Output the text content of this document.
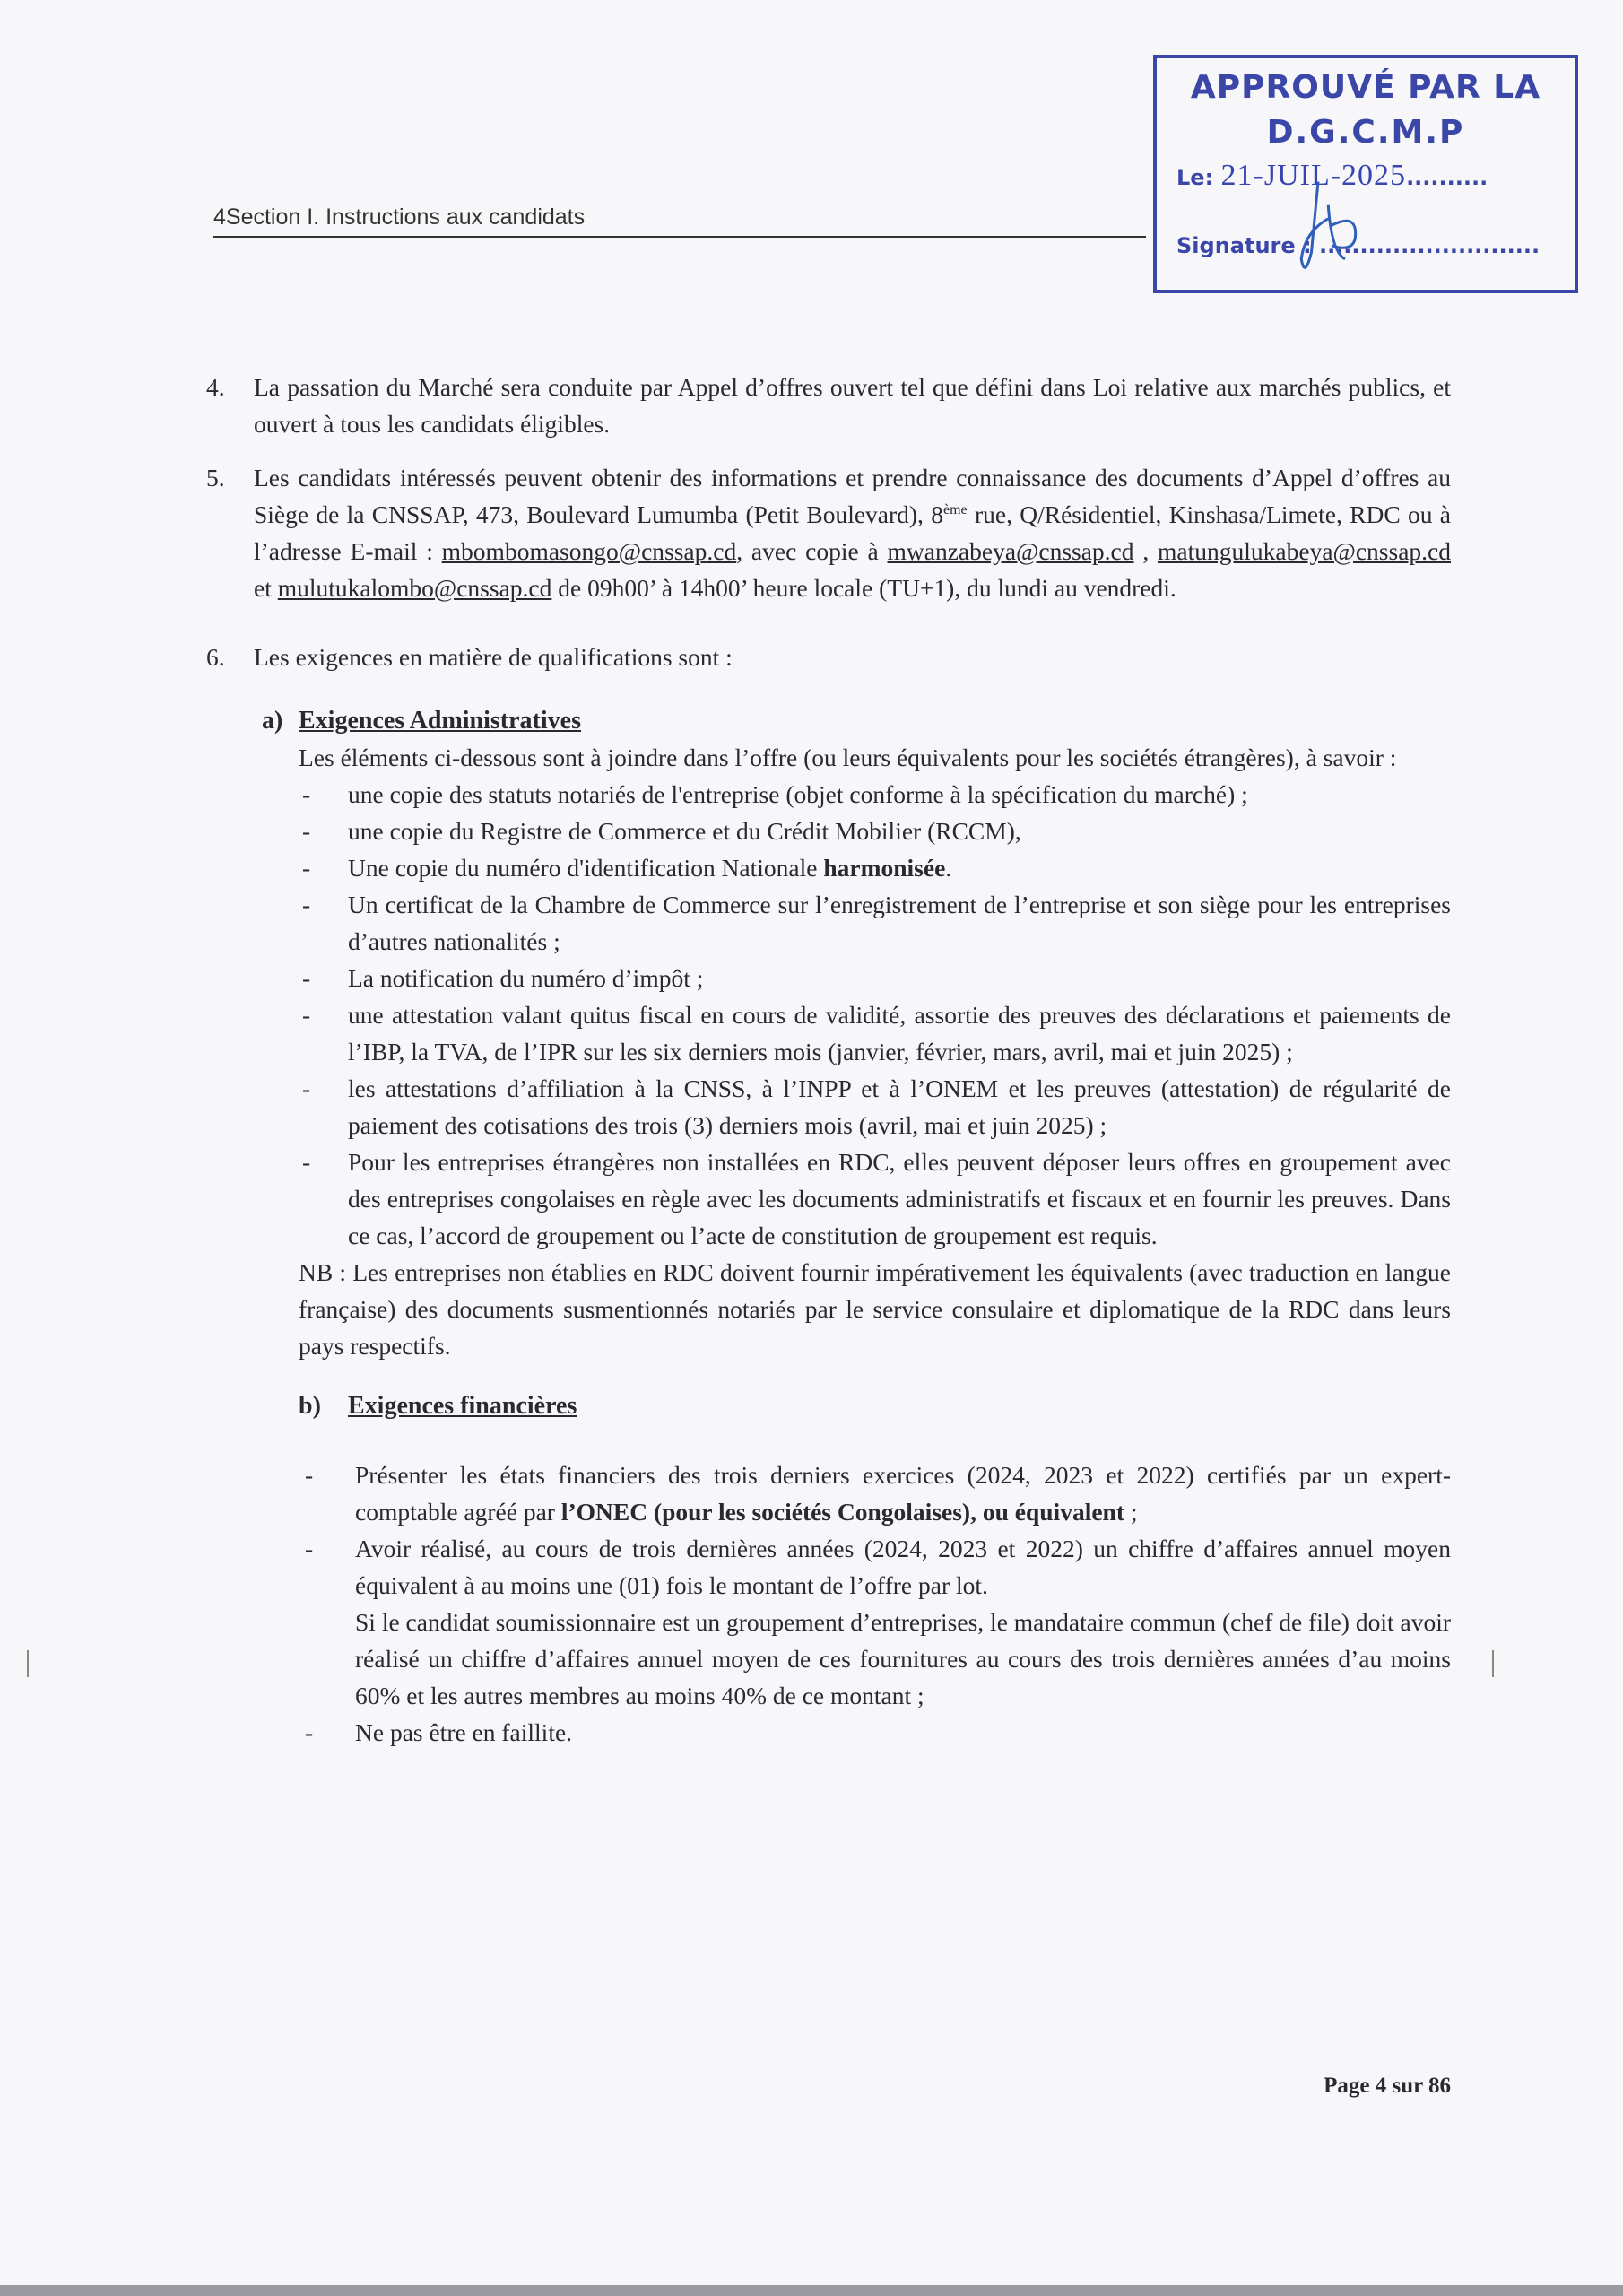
4Section I. Instructions aux candidats
APPROUVÉ PAR LA
D.G.C.M.P
Le: 21-JUIL-2025..........
Signature : ...........................
4. La passation du Marché sera conduite par Appel d’offres ouvert tel que défini dans Loi relative aux marchés publics, et ouvert à tous les candidats éligibles.

5. Les candidats intéressés peuvent obtenir des informations et prendre connaissance des documents d’Appel d’offres au Siège de la CNSSAP, 473, Boulevard Lumumba (Petit Boulevard), 8ème rue, Q/Résidentiel, Kinshasa/Limete, RDC ou à l’adresse E-mail : mbombomasongo@cnssap.cd, avec copie à mwanzabeya@cnssap.cd , matungulukabeya@cnssap.cd et mulutukalombo@cnssap.cd de 09h00’ à 14h00’ heure locale (TU+1), du lundi au vendredi.

6. Les exigences en matière de qualifications sont :

a) Exigences Administratives

Les éléments ci-dessous sont à joindre dans l’offre (ou leurs équivalents pour les sociétés étrangères), à savoir :

- une copie des statuts notariés de l'entreprise (objet conforme à la spécification du marché) ;

- une copie du Registre de Commerce et du Crédit Mobilier (RCCM),

- Une copie du numéro d'identification Nationale harmonisée.

- Un certificat de la Chambre de Commerce sur l’enregistrement de l’entreprise et son siège pour les entreprises d’autres nationalités ;

- La notification du numéro d’impôt ;

- une attestation valant quitus fiscal en cours de validité, assortie des preuves des déclarations et paiements de l’IBP, la TVA, de l’IPR sur les six derniers mois (janvier, février, mars, avril, mai et juin 2025) ;

- les attestations d’affiliation à la CNSS, à l’INPP et à l’ONEM et les preuves (attestation) de régularité de paiement des cotisations des trois (3) derniers mois (avril, mai et juin 2025) ;

- Pour les entreprises étrangères non installées en RDC, elles peuvent déposer leurs offres en groupement avec des entreprises congolaises en règle avec les documents administratifs et fiscaux et en fournir les preuves. Dans ce cas, l’accord de groupement ou l’acte de constitution de groupement est requis.

NB : Les entreprises non établies en RDC doivent fournir impérativement les équivalents (avec traduction en langue française) des documents susmentionnés notariés par le service consulaire et diplomatique de la RDC dans leurs pays respectifs.

b) Exigences financières
- Présenter les états financiers des trois derniers exercices (2024, 2023 et 2022) certifiés par un expert-comptable agréé par l’ONEC (pour les sociétés Congolaises), ou équivalent ;

- Avoir réalisé, au cours de trois dernières années (2024, 2023 et 2022) un chiffre d’affaires annuel moyen équivalent à au moins une (01) fois le montant de l’offre par lot.

Si le candidat soumissionnaire est un groupement d’entreprises, le mandataire commun (chef de file) doit avoir réalisé un chiffre d’affaires annuel moyen de ces fournitures au cours des trois dernières années d’au moins 60% et les autres membres au moins 40% de ce montant ;

- Ne pas être en faillite.

Page 4 sur 86
